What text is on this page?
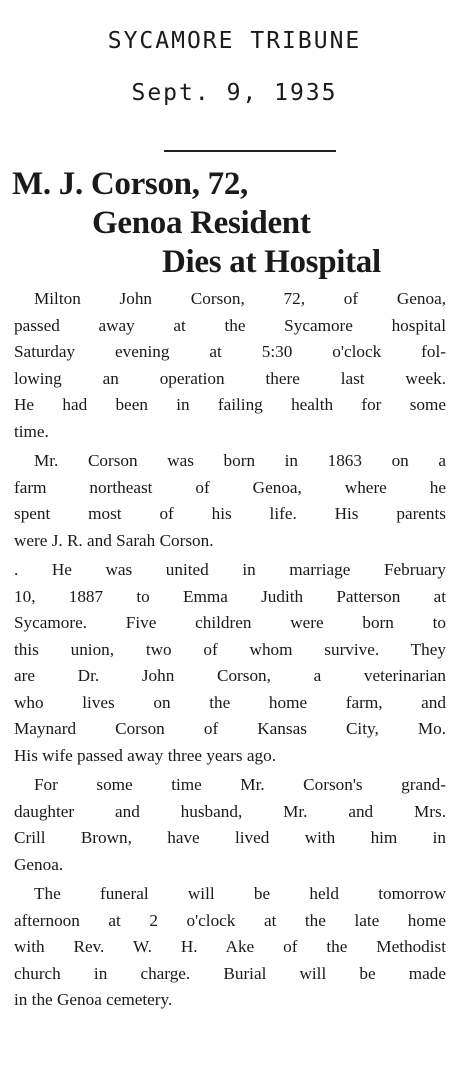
SYCAMORE TRIBUNE
Sept. 9, 1935
M. J. Corson, 72,
Genoa Resident
Dies at Hospital
Milton John Corson, 72, of Genoa,
passed away at the Sycamore hospital
Saturday evening at 5:30 o'clock fol-
lowing an operation there last week.
He had been in failing health for some
time.
Mr. Corson was born in 1863 on a
farm northeast of Genoa, where he
spent most of his life. His parents
were J. R. and Sarah Corson.
. He was united in marriage February
10, 1887 to Emma Judith Patterson at
Sycamore. Five children were born to
this union, two of whom survive. They
are Dr. John Corson, a veterinarian
who lives on the home farm, and
Maynard Corson of Kansas City, Mo.
His wife passed away three years ago.
For some time Mr. Corson's grand-
daughter and husband, Mr. and Mrs.
Crill Brown, have lived with him in
Genoa.
The funeral will be held tomorrow
afternoon at 2 o'clock at the late home
with Rev. W. H. Ake of the Methodist
church in charge. Burial will be made
in the Genoa cemetery.
